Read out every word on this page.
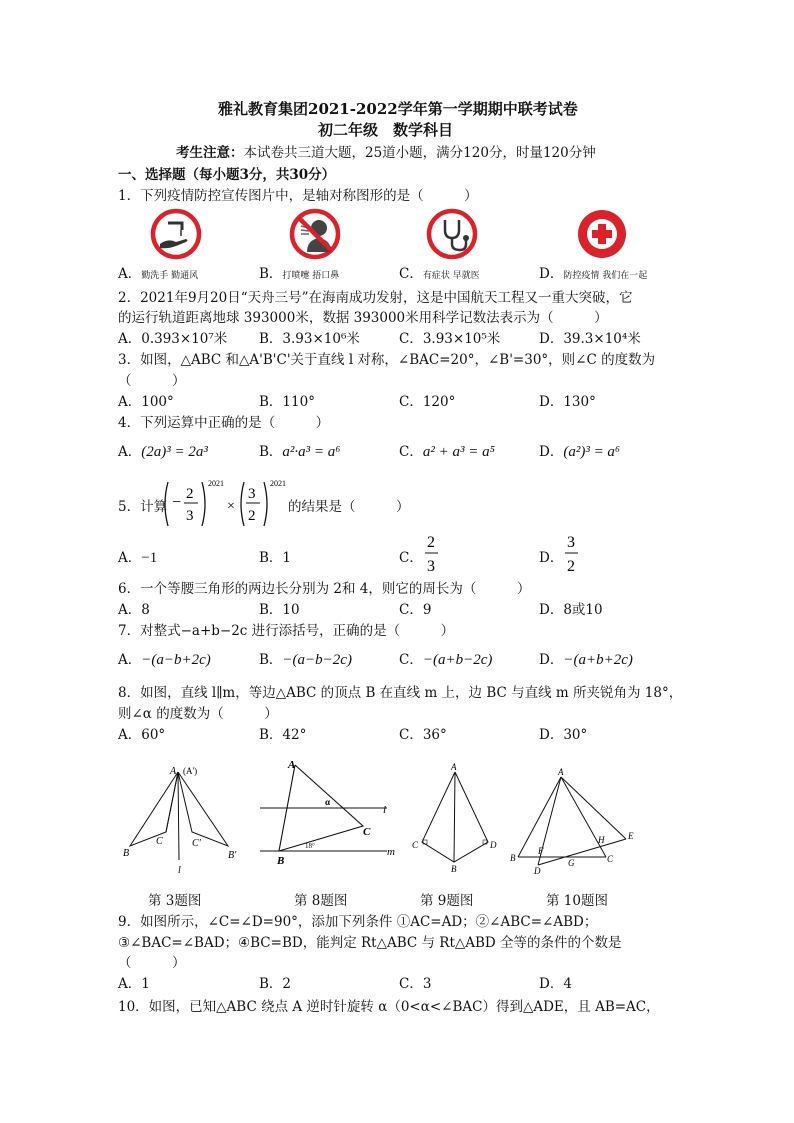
雅礼教育集团2021-2022学年第一学期期中联考试卷
初二年级　数学科目
考生注意：本试卷共三道大题，25道小题，满分120分，时量120分钟
一、选择题（每小题3分，共30分）
1．下列疫情防控宣传图片中，是轴对称图形的是（　　　）
A．勤洗手 勤通风	B．打喷嚏 捂口鼻	C．有症状 早就医	D．防控疫情 我们在一起
2．2021年9月20日“天舟三号”在海南成功发射，这是中国航天工程又一重大突破，它
的运行轨道距离地球 393000米，数据 393000米用科学记数法表示为（　　　）
A．0.393×10⁷米 B．3.93×10⁶米	C．3.93×10⁵米	D．39.3×10⁴米
3．如图，△ABC 和△A'B'C'关于直线 l 对称，∠BAC=20°，∠B'=30°，则∠C 的度数为
（　　　）
A．100°	B．110°	C．120°	D．130°
4．下列运算中正确的是（　　　）
A．(2a)³ = 2a³	B．a²·a³ = a⁶	C．a² + a³ = a⁵	D．(a²)³ = a⁶
5．计算 − 2
3
2021
×
3
2
2021
的结果是（　　　）
A．−1	B．1	C．
2
3	D．
3
2
6．一个等腰三角形的两边长分别为 2和 4，则它的周长为（　　　）
A．8	B．10	C．9	D．8或10
7．对整式−a+b−2c 进行添括号，正确的是（　　　）
A．−(a−b+2c)	B．−(a−b−2c)	C．−(a+b−2c)	D．−(a+b+2c)
8．如图，直线 l∥m，等边△ABC 的顶点 B 在直线 m 上，边 BC 与直线 m 所夹锐角为 18°，
则∠α 的度数为（　　　）
A．60°	B．42°	C．36°	D．30°
A (A')
B
C	C'
B'
l
A
α
l
C
B
18°	m
A
C	D
B
A
E
H
F
B
D
G	C
第 3题图	第 8题图	第 9题图	第 10题图
9．如图所示，∠C=∠D=90°，添加下列条件 ①AC=AD；②∠ABC=∠ABD；
③∠BAC=∠BAD；④BC=BD，能判定 Rt△ABC 与 Rt△ABD 全等的条件的个数是
（　　　）
A．1	B．2	C．3	D．4
10．如图，已知△ABC 绕点 A 逆时针旋转 α（0<α<∠BAC）得到△ADE，且 AB=AC，
